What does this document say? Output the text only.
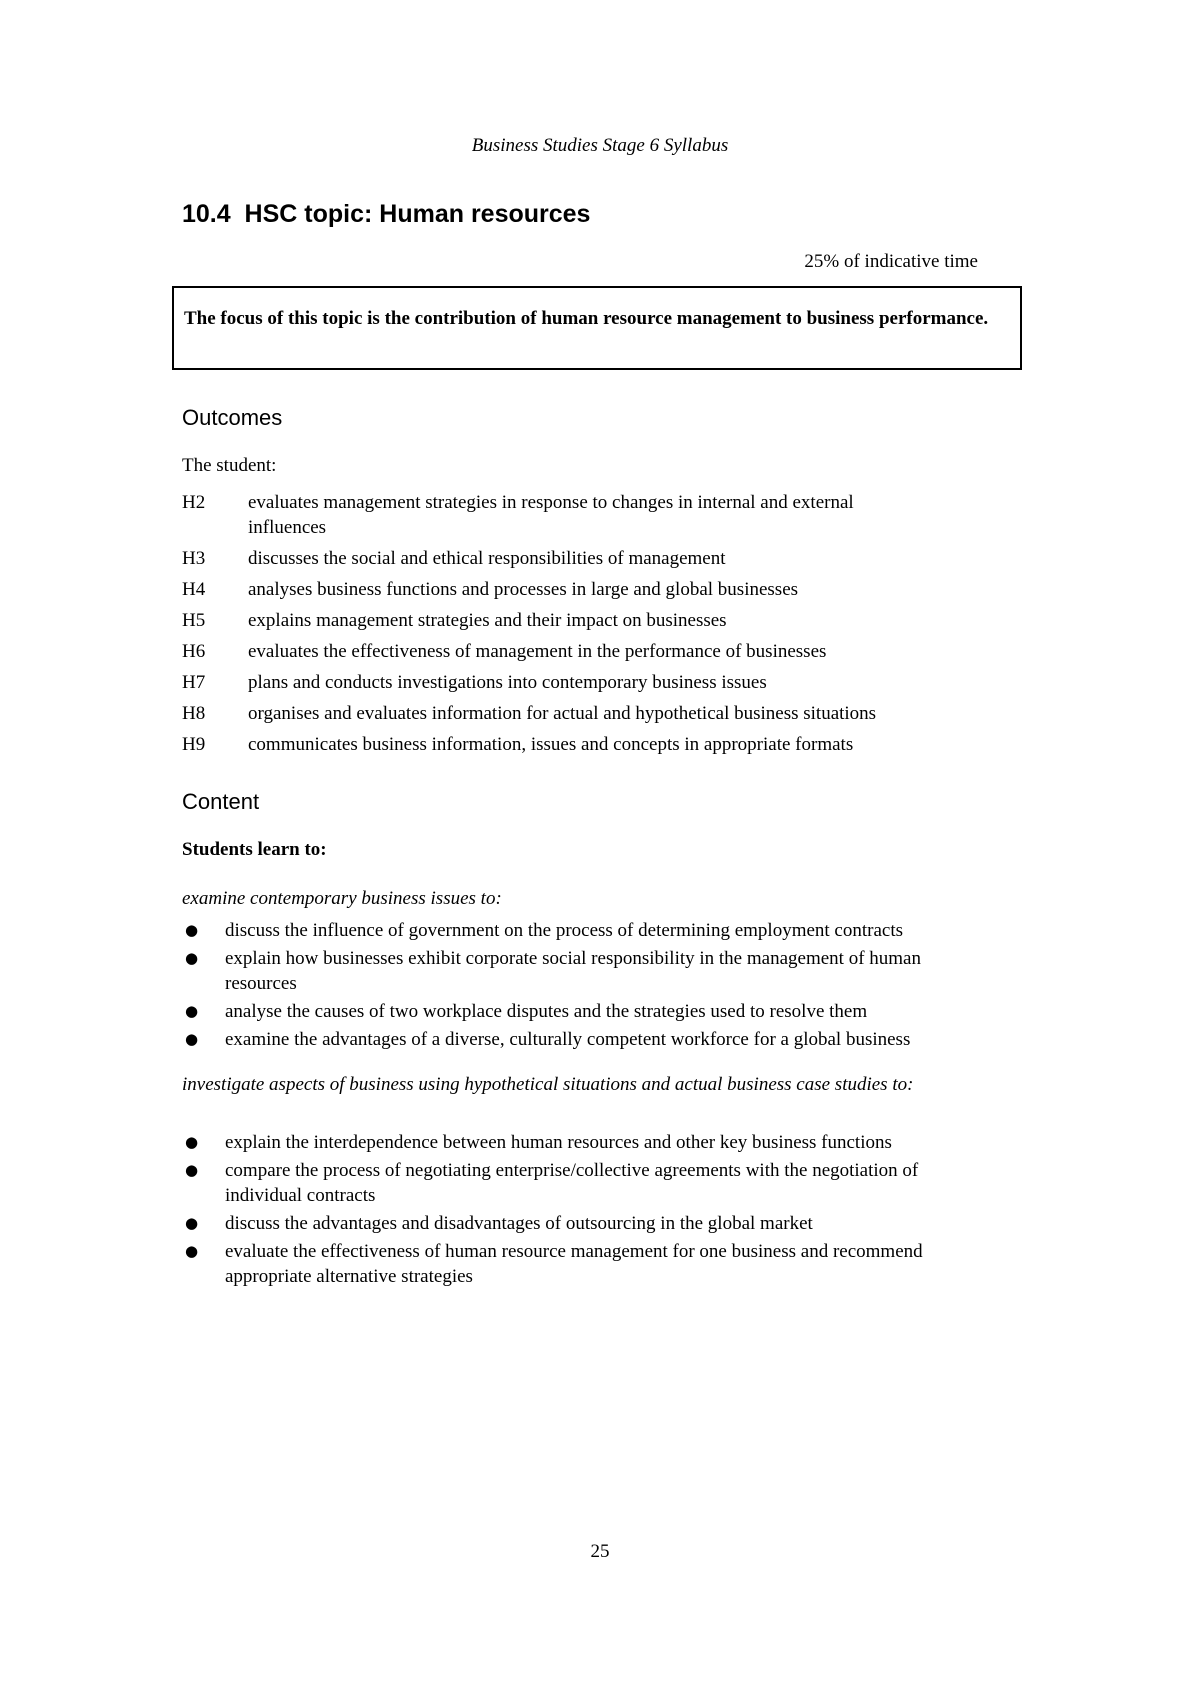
Business Studies Stage 6 Syllabus
10.4  HSC topic: Human resources
25% of indicative time
The focus of this topic is the contribution of human resource management to business performance.
Outcomes
The student:
H2	evaluates management strategies in response to changes in internal and external influences
H3	discusses the social and ethical responsibilities of management
H4	analyses business functions and processes in large and global businesses
H5	explains management strategies and their impact on businesses
H6	evaluates the effectiveness of management in the performance of businesses
H7	plans and conducts investigations into contemporary business issues
H8	organises and evaluates information for actual and hypothetical business situations
H9	communicates business information, issues and concepts in appropriate formats
Content
Students learn to:
examine contemporary business issues to:
●	discuss the influence of government on the process of determining employment contracts
●	explain how businesses exhibit corporate social responsibility in the management of human resources
●	analyse the causes of two workplace disputes and the strategies used to resolve them
●	examine the advantages of a diverse, culturally competent workforce for a global business
investigate aspects of business using hypothetical situations and actual business case studies to:
●	explain the interdependence between human resources and other key business functions
●	compare the process of negotiating enterprise/collective agreements with the negotiation of individual contracts
●	discuss the advantages and disadvantages of outsourcing in the global market
●	evaluate the effectiveness of human resource management for one business and recommend appropriate alternative strategies
25
